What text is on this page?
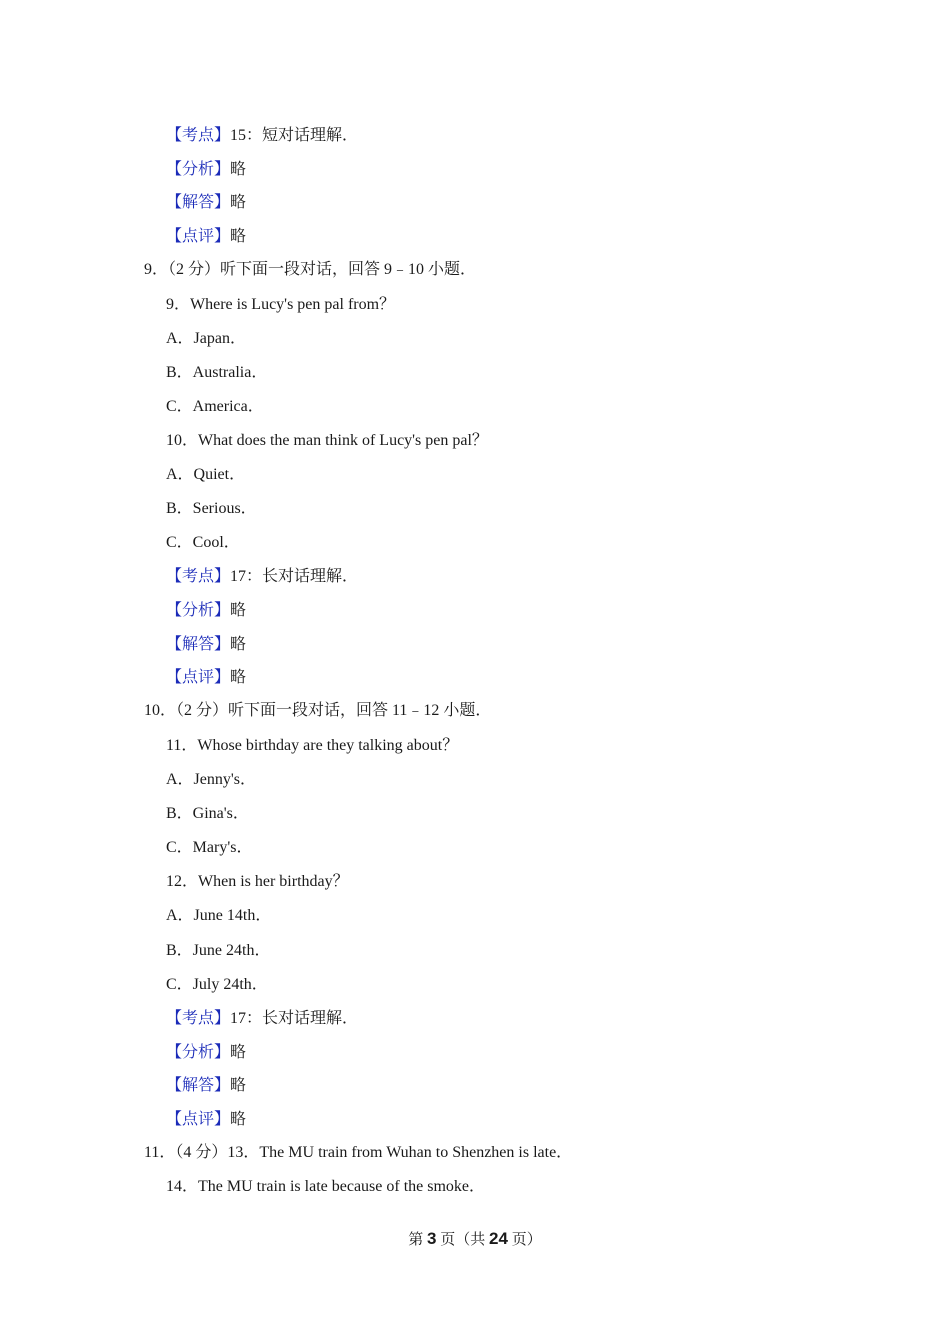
【考点】15：短对话理解．
【分析】略
【解答】略
【点评】略
9．（2 分）听下面一段对话，回答 9﹣10 小题．
9．Where is Lucy's pen pal from？
A．Japan．
B．Australia．
C．America．
10．What does the man think of Lucy's pen pal？
A．Quiet．
B．Serious．
C．Cool．
【考点】17：长对话理解．
【分析】略
【解答】略
【点评】略
10．（2 分）听下面一段对话，回答 11﹣12 小题．
11．Whose birthday are they talking about？
A．Jenny's．
B．Gina's．
C．Mary's．
12．When is her birthday？
A．June 14th．
B．June 24th．
C．July 24th．
【考点】17：长对话理解．
【分析】略
【解答】略
【点评】略
11．（4 分）13．The MU train from Wuhan to Shenzhen is late．
14．The MU train is late because of the smoke．
第 3 页（共 24 页）
